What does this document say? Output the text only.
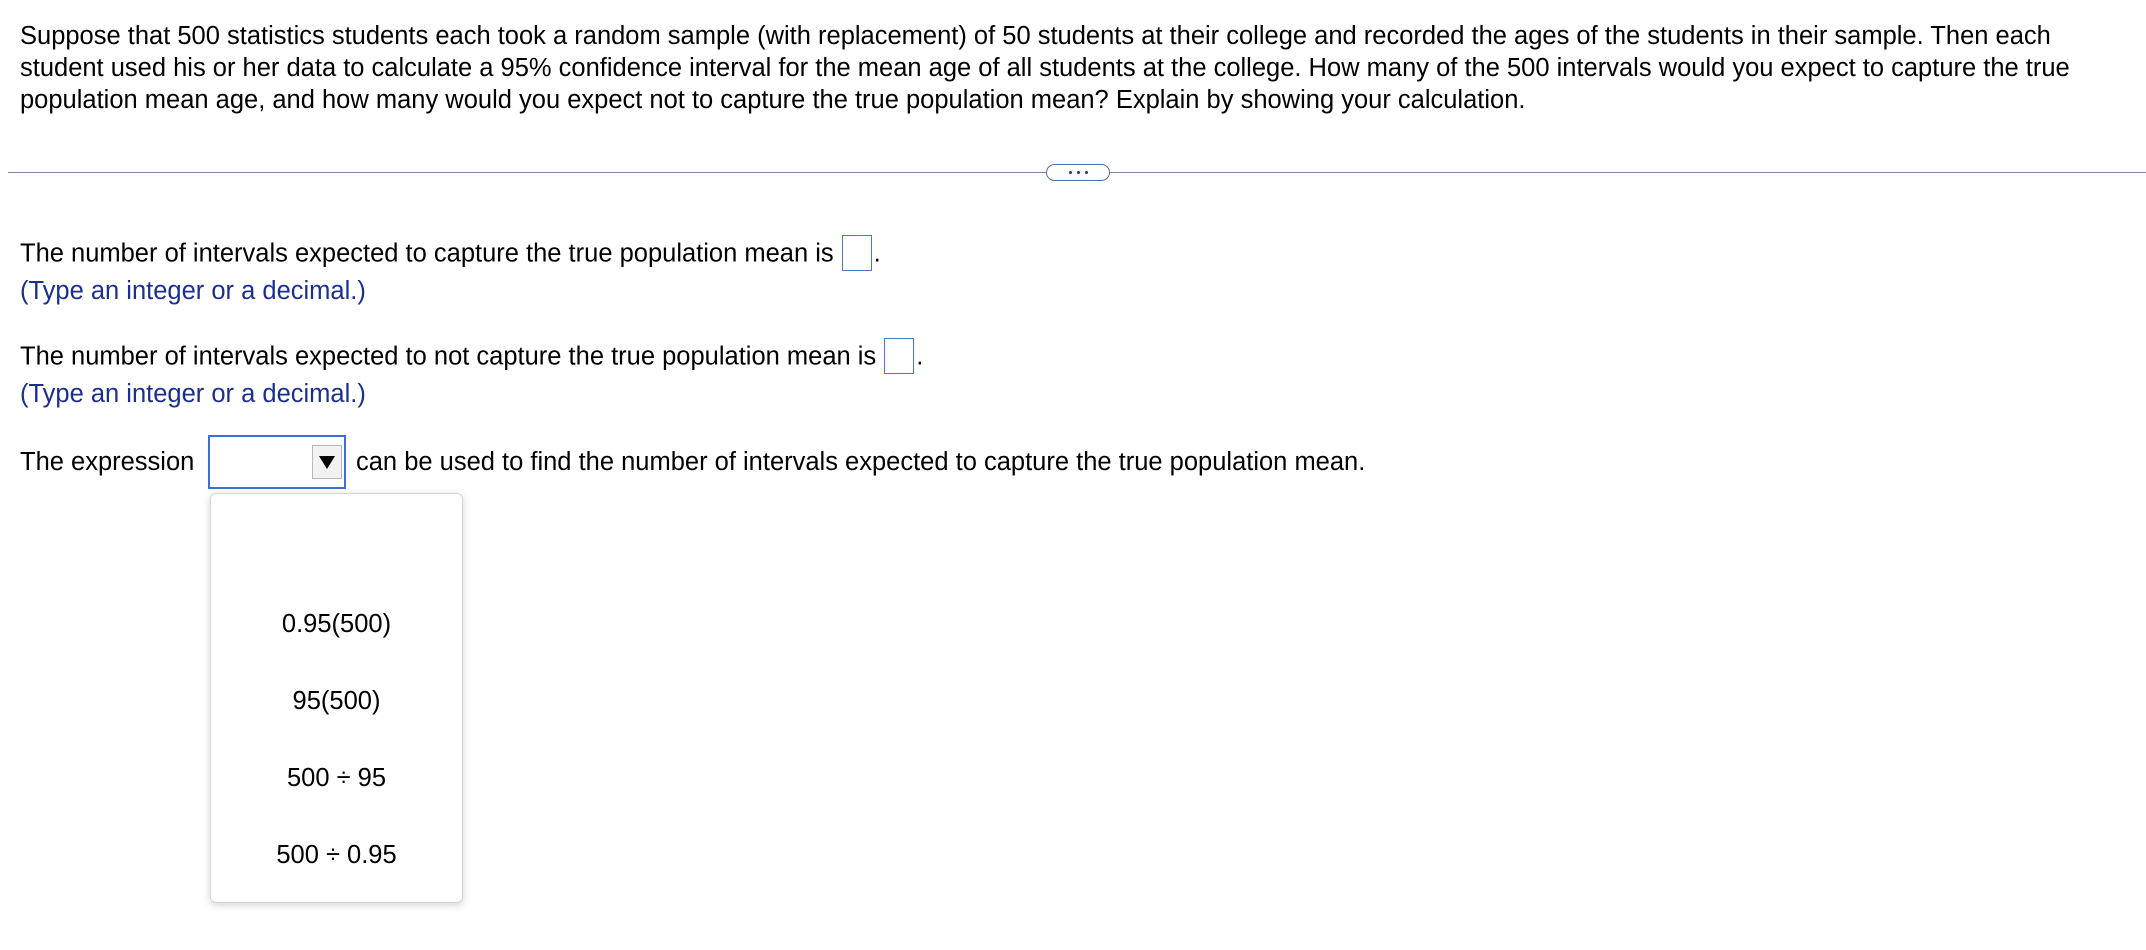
Suppose that 500 statistics students each took a random sample (with replacement) of 50 students at their college and recorded the ages of the students in their sample. Then each student used his or her data to calculate a 95% confidence interval for the mean age of all students at the college. How many of the 500 intervals would you expect to capture the true population mean age, and how many would you expect not to capture the true population mean? Explain by showing your calculation.
The number of intervals expected to capture the true population mean is .
(Type an integer or a decimal.)
The number of intervals expected to not capture the true population mean is .
(Type an integer or a decimal.)
The expression	can be used to find the number of intervals expected to capture the true population mean.
0.95(500)
95(500)
500 ÷ 95
500 ÷ 0.95
